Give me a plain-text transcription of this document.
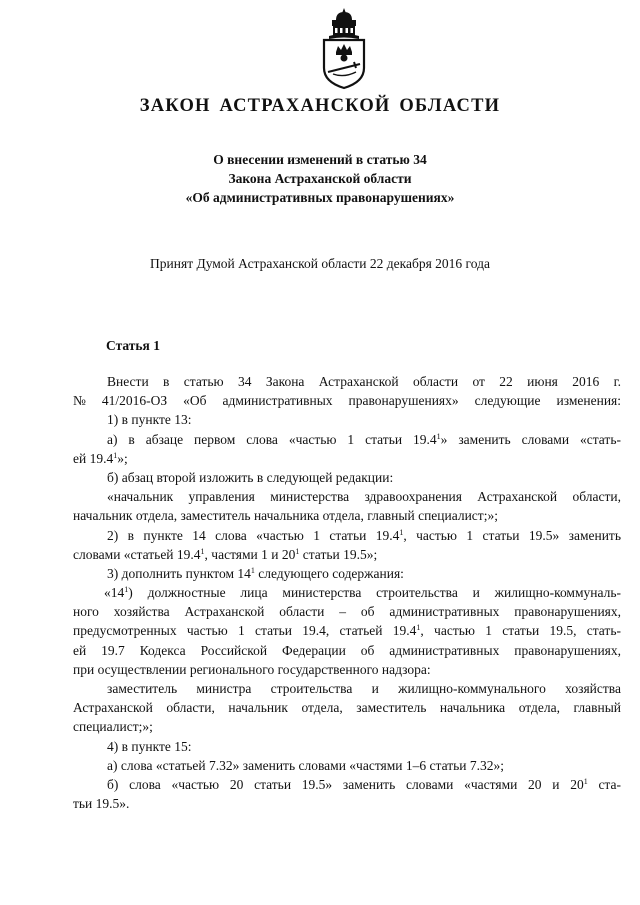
ЗАКОН АСТРАХАНСКОЙ ОБЛАСТИ
О внесении изменений в статью 34
Закона Астраханской области
«Об административных правонарушениях»
Принят Думой Астраханской области 22 декабря 2016 года
Статья 1
Внести в статью 34 Закона Астраханской области от 22 июня 2016 г.
№ 41/2016-ОЗ «Об административных правонарушениях» следующие изменения:
1) в пункте 13:
а) в абзаце первом слова «частью 1 статьи 19.4$^1$» заменить словами «стать-
ей 19.4$^1$»;
б) абзац второй изложить в следующей редакции:
«начальник управления министерства здравоохранения Астраханской области,
начальник отдела, заместитель начальника отдела, главный специалист;»;
2) в пункте 14 слова «частью 1 статьи 19.4$^1$, частью 1 статьи 19.5» заменить
словами «статьей 19.4$^1$, частями 1 и $20^1$ статьи 19.5»;
3) дополнить пунктом $14^1$ следующего содержания:
«$14^1$) должностные лица министерства строительства и жилищно-коммуналь-
ного хозяйства Астраханской области – об административных правонарушениях,
предусмотренных частью 1 статьи 19.4, статьей 19.4$^1$, частью 1 статьи 19.5, стать-
ей 19.7 Кодекса Российской Федерации об административных правонарушениях,
при осуществлении регионального государственного надзора:
заместитель министра строительства и жилищно-коммунального хозяйства
Астраханской области, начальник отдела, заместитель начальника отдела, главный
специалист;»;
4) в пункте 15:
а) слова «статьей 7.32» заменить словами «частями 1–6 статьи 7.32»;
б) слова «частью 20 статьи 19.5» заменить словами «частями 20 и $20^1$ ста-
тьи 19.5».
